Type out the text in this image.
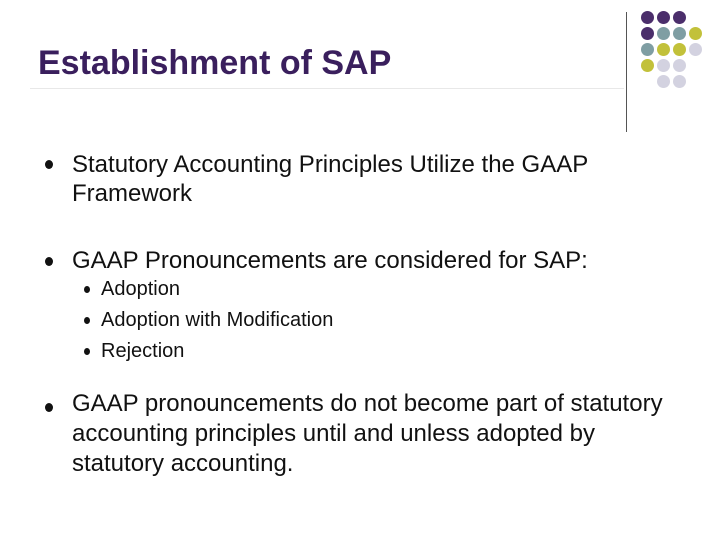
Establishment of SAP
Statutory Accounting Principles Utilize the GAAP Framework
GAAP Pronouncements are considered for SAP:
Adoption
Adoption with Modification
Rejection
GAAP pronouncements do not become part of statutory accounting principles until and unless adopted by statutory accounting.
